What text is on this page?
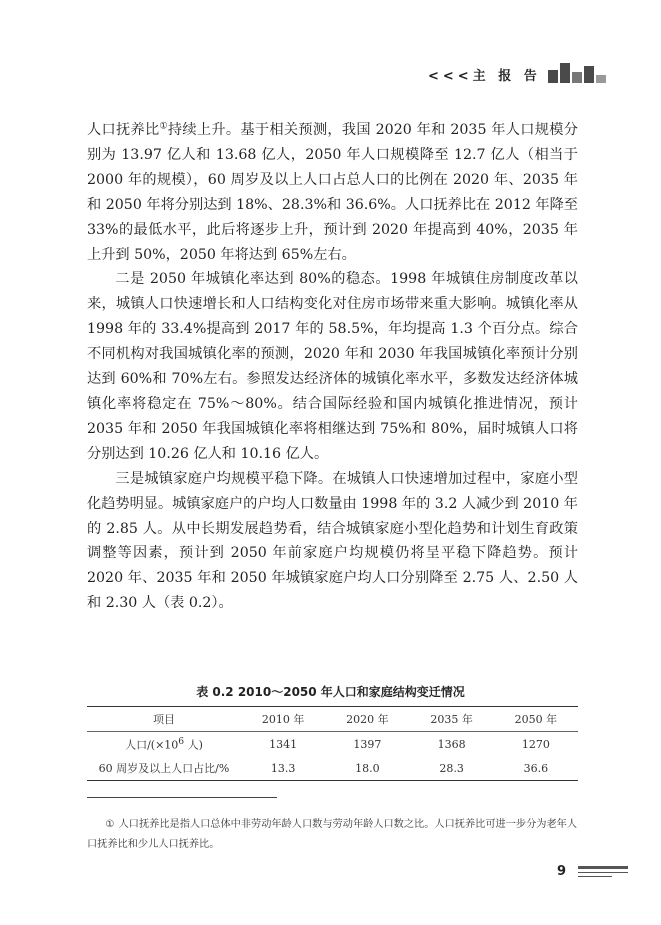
<<<主 报 告

人口抚养比①持续上升。基于相关预测，我国 2020 年和 2035 年人口规模分别为 13.97 亿人和 13.68 亿人，2050 年人口规模降至 12.7 亿人（相当于 2000 年的规模），60 周岁及以上人口占总人口的比例在 2020 年、2035 年和 2050 年将分别达到 18%、28.3%和 36.6%。人口抚养比在 2012 年降至 33%的最低水平，此后将逐步上升，预计到 2020 年提高到 40%，2035 年上升到 50%，2050 年将达到 65%左右。

二是 2050 年城镇化率达到 80%的稳态。1998 年城镇住房制度改革以来，城镇人口快速增长和人口结构变化对住房市场带来重大影响。城镇化率从 1998 年的 33.4%提高到 2017 年的 58.5%，年均提高 1.3 个百分点。综合不同机构对我国城镇化率的预测，2020 年和 2030 年我国城镇化率预计分别达到 60%和 70%左右。参照发达经济体的城镇化率水平，多数发达经济体城镇化率将稳定在 75%～80%。结合国际经验和国内城镇化推进情况，预计 2035 年和 2050 年我国城镇化率将相继达到 75%和 80%，届时城镇人口将分别达到 10.26 亿人和 10.16 亿人。

三是城镇家庭户均规模平稳下降。在城镇人口快速增加过程中，家庭小型化趋势明显。城镇家庭户的户均人口数量由 1998 年的 3.2 人减少到 2010 年的 2.85 人。从中长期发展趋势看，结合城镇家庭小型化趋势和计划生育政策调整等因素，预计到 2050 年前家庭户均规模仍将呈平稳下降趋势。预计 2020 年、2035 年和 2050 年城镇家庭户均人口分别降至 2.75 人、2.50 人和 2.30 人（表 0.2）。

表 0.2 2010～2050 年人口和家庭结构变迁情况
项目	2010 年	2020 年	2035 年	2050 年
人口$/(\times 10^6$ 人)	1341	1397	1368	1270
60 周岁及以上人口占比/%	13.3	18.0	28.3	36.6
① 人口抚养比是指人口总体中非劳动年龄人口数与劳动年龄人口数之比。人口抚养比可进一步分为老年人口抚养比和少儿人口抚养比。
9
